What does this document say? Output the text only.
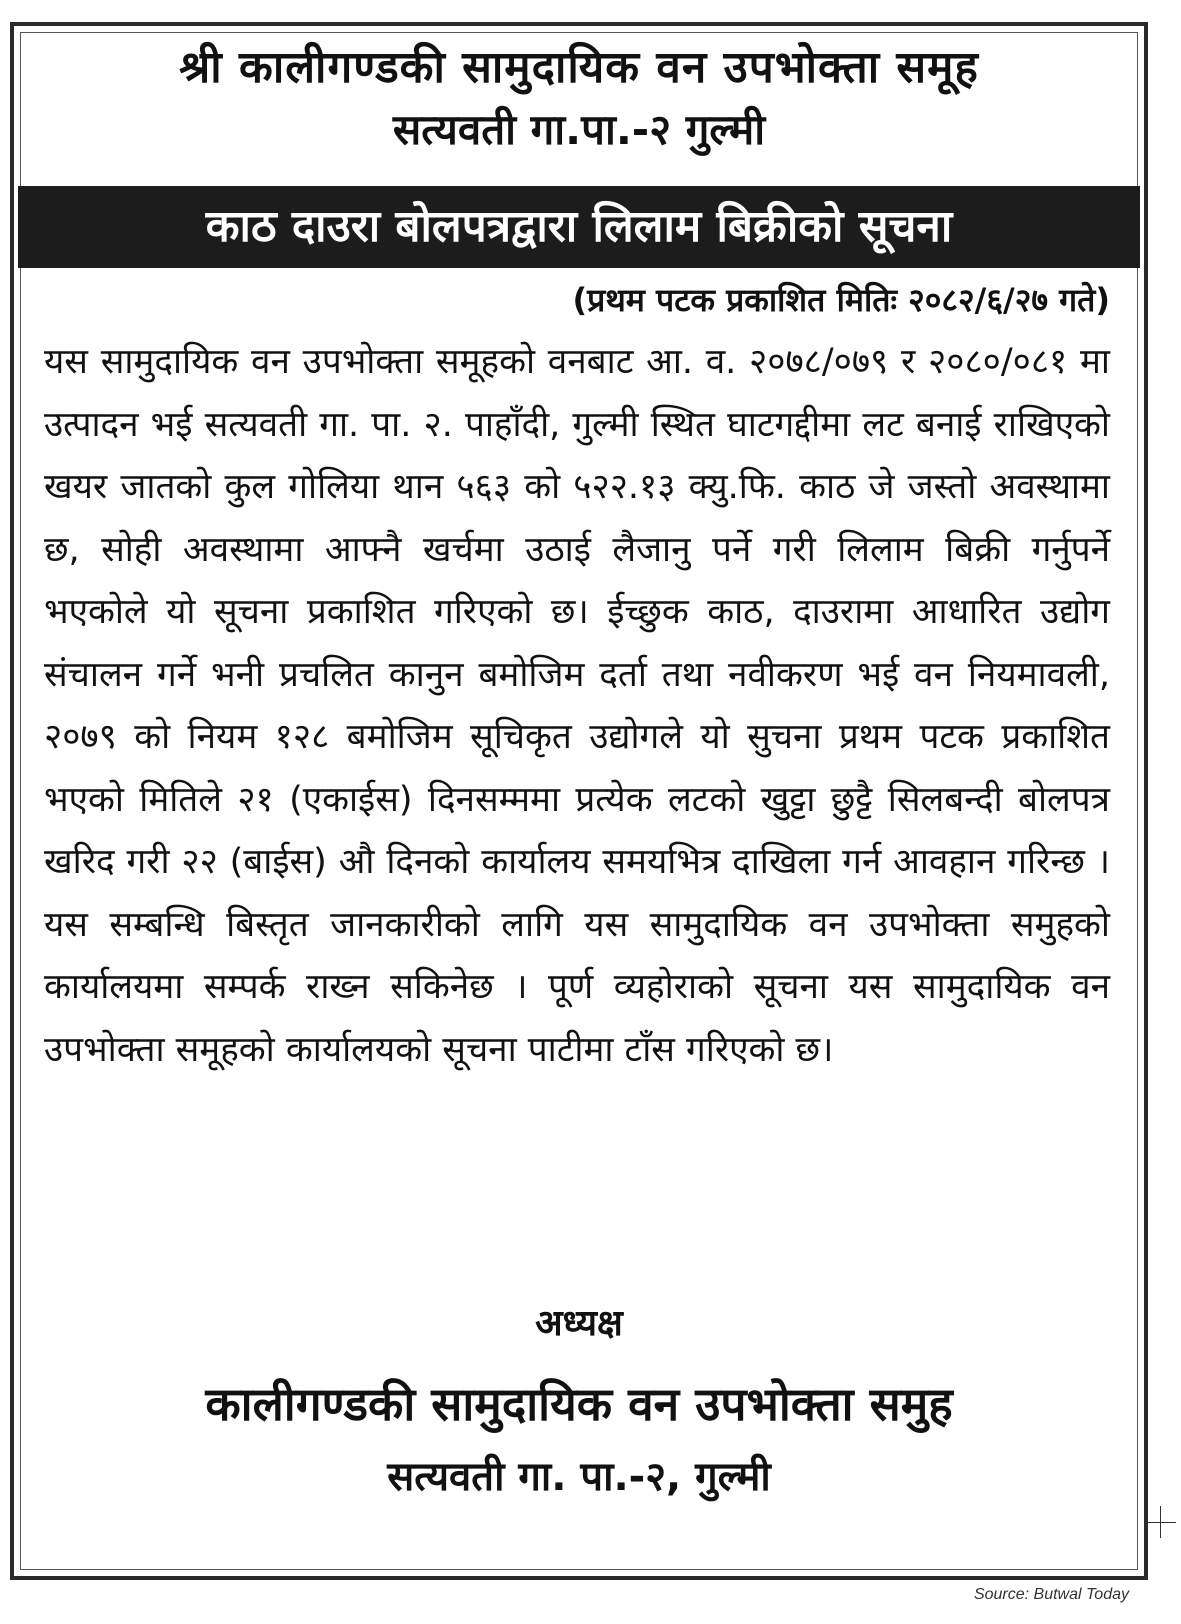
श्री कालीगण्डकी सामुदायिक वन उपभोक्ता समूह
सत्यवती गा.पा.-२ गुल्मी
काठ दाउरा बोलपत्रद्वारा लिलाम बिक्रीको सूचना
(प्रथम पटक प्रकाशित मितिः २०८२/६/२७ गते)
यस सामुदायिक वन उपभोक्ता समूहको वनबाट आ. व. २०७८/०७९ र २०८०/०८१ मा उत्पादन भई सत्यवती गा. पा. २. पाहाँदी, गुल्मी स्थित घाटगद्दीमा लट बनाई राखिएको खयर जातको कुल गोलिया थान ५६३ को ५२२.१३ क्यु.फि. काठ जे जस्तो अवस्थामा छ, सोही अवस्थामा आफ्नै खर्चमा उठाई लैजानु पर्ने गरी लिलाम बिक्री गर्नुपर्ने भएकोले यो सूचना प्रकाशित गरिएको छ। ईच्छुक काठ, दाउरामा आधारित उद्योग संचालन गर्ने भनी प्रचलित कानुन बमोजिम दर्ता तथा नवीकरण भई वन नियमावली, २०७९ को नियम १२८ बमोजिम सूचिकृत उद्योगले यो सुचना प्रथम पटक प्रकाशित भएको मितिले २१ (एकाईस) दिनसम्ममा प्रत्येक लटको खुट्टा छुट्टै सिलबन्दी बोलपत्र खरिद गरी २२ (बाईस) औ दिनको कार्यालय समयभित्र दाखिला गर्न आवहान गरिन्छ । यस सम्बन्धि बिस्तृत जानकारीको लागि यस सामुदायिक वन उपभोक्ता समुहको कार्यालयमा सम्पर्क राख्न सकिनेछ । पूर्ण व्यहोराको सूचना यस सामुदायिक वन उपभोक्ता समूहको कार्यालयको सूचना पाटीमा टाँस गरिएको छ।
अध्यक्ष
कालीगण्डकी सामुदायिक वन उपभोक्ता समुह
सत्यवती गा. पा.-२, गुल्मी
Source: Butwal Today
